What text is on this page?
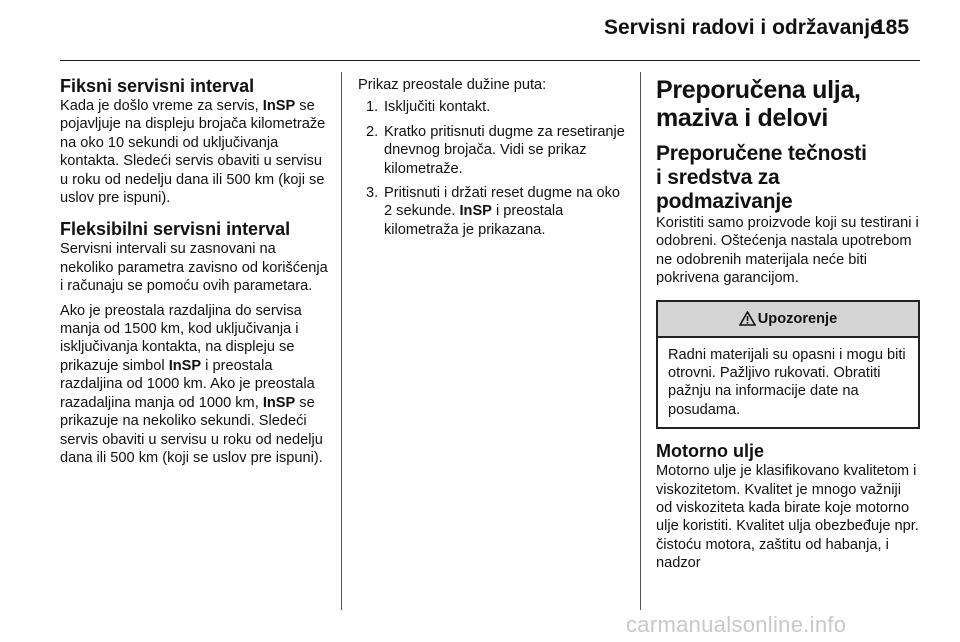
Servisni radovi i održavanje
185
Fiksni servisni interval

Kada je došlo vreme za servis, InSP se pojavljuje na displeju brojača kilometraže na oko 10 sekundi od uključivanja kontakta. Sledeći servis obaviti u servisu u roku od nedelju dana ili 500 km (koji se uslov pre ispuni).

Fleksibilni servisni interval

Servisni intervali su zasnovani na nekoliko parametra zavisno od korišćenja i računaju se pomoću ovih parametara.

Ako je preostala razdaljina do servisa manja od 1500 km, kod uključivanja i isključivanja kontakta, na displeju se prikazuje simbol InSP i preostala razdaljina od 1000 km. Ako je preostala razadaljina manja od 1000 km, InSP se prikazuje na nekoliko sekundi. Sledeći servis obaviti u servisu u roku od nedelju dana ili 500 km (koji se uslov pre ispuni).

Prikaz preostale dužine puta:

1. Isključiti kontakt.
2. Kratko pritisnuti dugme za resetiranje dnevnog brojača. Vidi se prikaz kilometraže.
3. Pritisnuti i držati reset dugme na oko 2 sekunde. InSP i preostala kilometraža je prikazana.
Preporučena ulja,
maziva i delovi
Preporučene tečnosti
i sredstva za
podmazivanje

Koristiti samo proizvode koji su testirani i odobreni. Oštećenja nastala upotrebom ne odobrenih materijala neće biti pokrivena garancijom.

Upozorenje
Radni materijali su opasni i mogu biti otrovni. Pažljivo rukovati. Obratiti pažnju na informacije date na posudama.
Motorno ulje

Motorno ulje je klasifikovano kvalitetom i viskozitetom. Kvalitet je mnogo važniji od viskoziteta kada birate koje motorno ulje koristiti. Kvalitet ulja obezbeđuje npr. čistoću motora, zaštitu od habanja, i nadzor

carmanualsonline.info
